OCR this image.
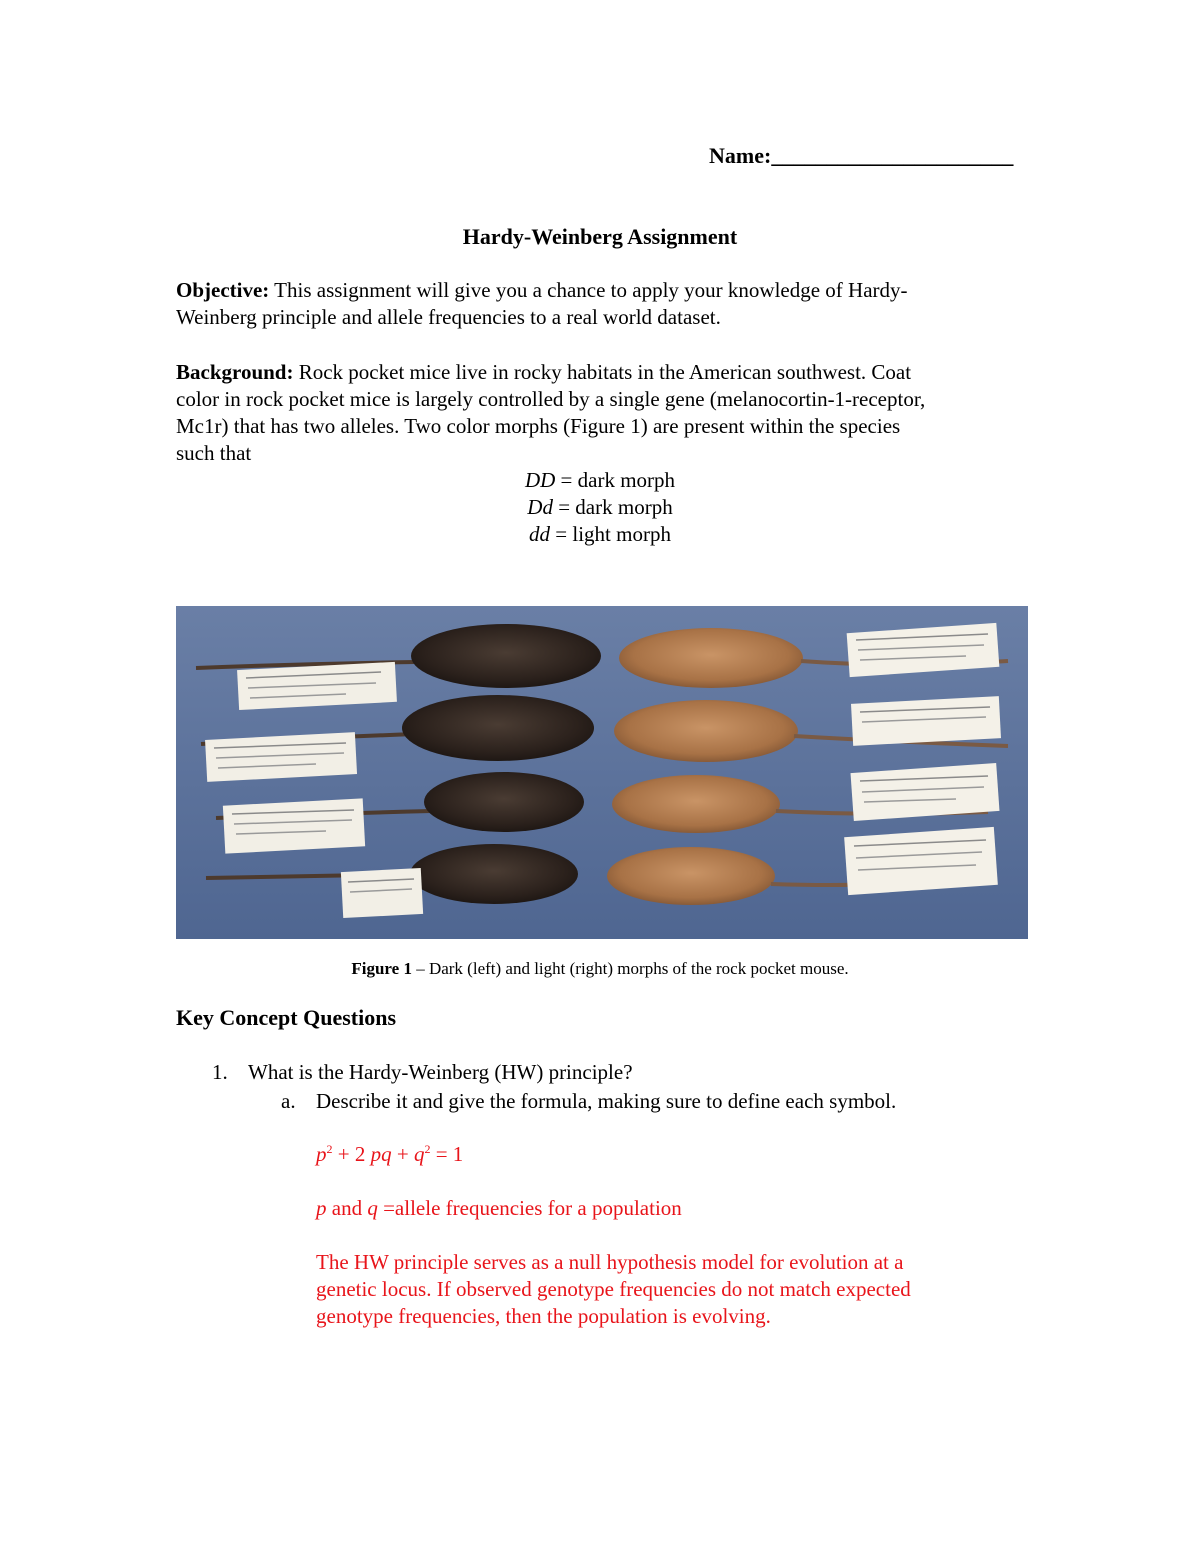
Name:______________________
Hardy-Weinberg Assignment
Objective: This assignment will give you a chance to apply your knowledge of Hardy-
Weinberg principle and allele frequencies to a real world dataset.
Background: Rock pocket mice live in rocky habitats in the American southwest. Coat
color in rock pocket mice is largely controlled by a single gene (melanocortin-1-receptor,
Mc1r) that has two alleles. Two color morphs (Figure 1) are present within the species
such that
DD = dark morph
Dd = dark morph
dd = light morph
Figure 1 – Dark (left) and light (right) morphs of the rock pocket mouse.
Key Concept Questions
1. What is the Hardy-Weinberg (HW) principle?
a. Describe it and give the formula, making sure to define each symbol.
$p^2 + 2$ pq + $q^2 = 1$
p and q =allele frequencies for a population
The HW principle serves as a null hypothesis model for evolution at a
genetic locus. If observed genotype frequencies do not match expected
genotype frequencies, then the population is evolving.
